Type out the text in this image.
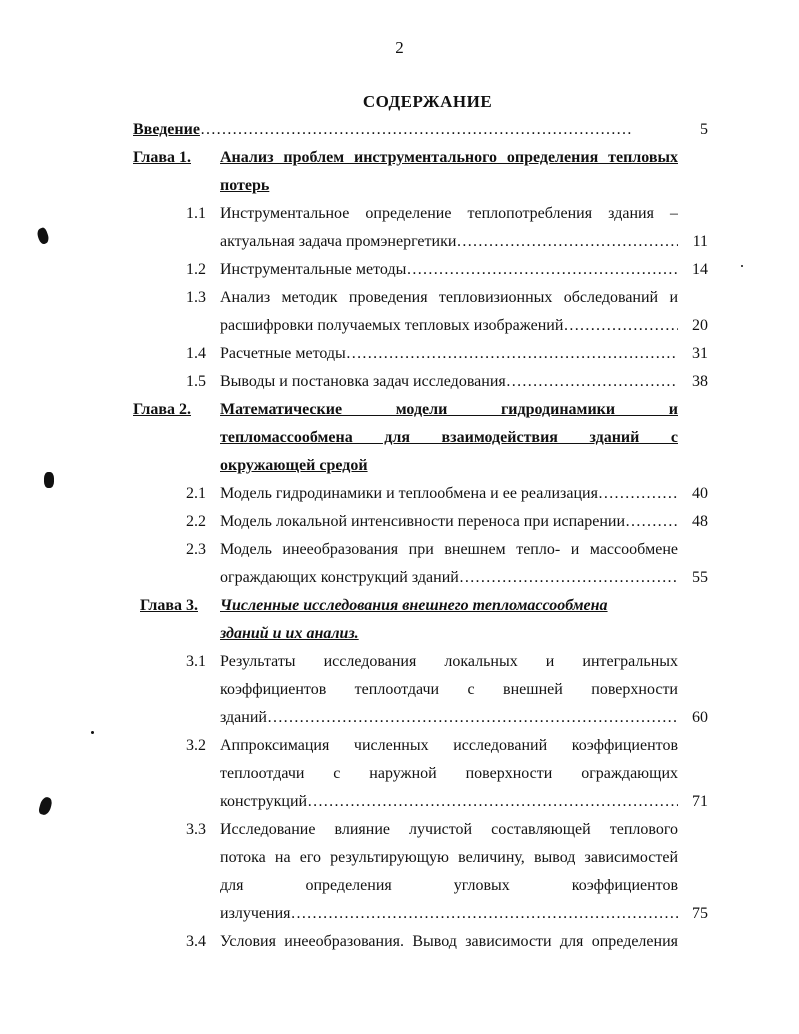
2
СОДЕРЖАНИЕ
Введение ………………………………………………………………………………………………………………………	5
Глава 1. Анализ проблем инструментального определения тепловых
потерь
1.1 Инструментальное определение теплопотребления здания –
актуальная задача промэнергетики ………………………………………………………………………………………………………………………	11
1.2 Инструментальные методы ………………………………………………………………………………………………………………………	14
1.3 Анализ методик проведения тепловизионных обследований и
расшифровки получаемых тепловых изображений ………………………………………………………………………………………………………………………	20
1.4 Расчетные методы ………………………………………………………………………………………………………………………	31
1.5 Выводы и постановка задач исследования ………………………………………………………………………………………………………………………	38
Глава 2. Математические модели гидродинамики и
тепломассообмена для взаимодействия зданий с
окружающей средой
2.1 Модель гидродинамики и теплообмена и ее реализация ………………………………………………………………………………………………………………………	40
2.2 Модель локальной интенсивности переноса при испарении ………………………………………………………………………………………………………………………	48
2.3 Модель инееобразования при внешнем тепло- и массообмене
ограждающих конструкций зданий ………………………………………………………………………………………………………………………	55
Глава 3. Численные исследования внешнего тепломассообмена
зданий и их анализ.
3.1 Результаты исследования локальных и интегральных
коэффициентов теплоотдачи с внешней поверхности
зданий ………………………………………………………………………………………………………………………	60
3.2 Аппроксимация численных исследований коэффициентов
теплоотдачи с наружной поверхности ограждающих
конструкций ………………………………………………………………………………………………………………………	71
3.3 Исследование влияние лучистой составляющей теплового
потока на его результирующую величину, вывод зависимостей
для определения угловых коэффициентов
излучения ………………………………………………………………………………………………………………………	75
3.4 Условия инееобразования. Вывод зависимости для определения
